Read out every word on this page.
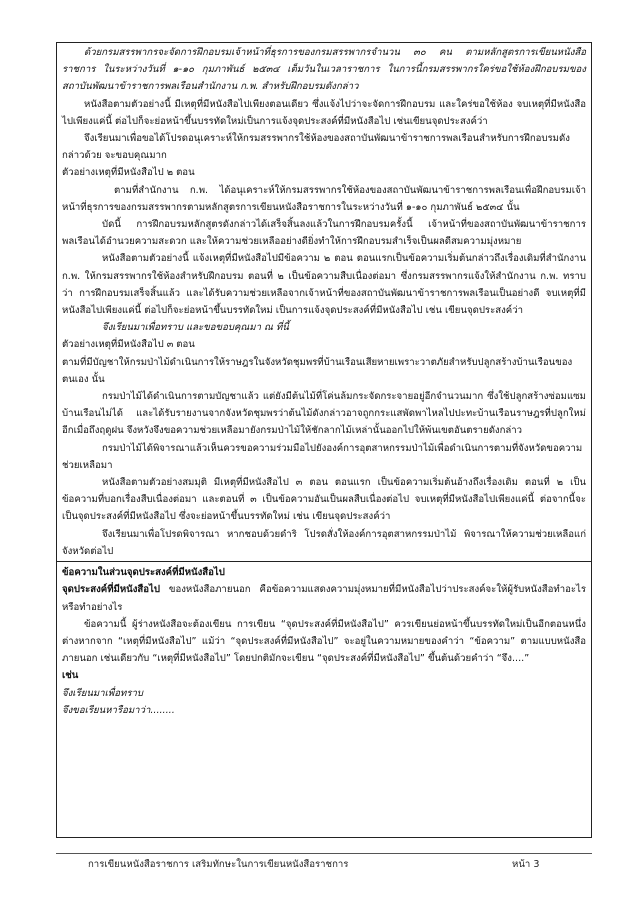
ด้วยกรมสรรพากรจะจัดการฝึกอบรมเจ้าหน้าที่ธุรการของกรมสรรพากรจำนวน ๓๐ คน ตามหลักสูตรการเขียนหนังสือราชการ ในระหว่างวันที่ ๑-๑๐ กุมภาพันธ์ ๒๕๓๔ เต็มวันในเวลาราชการ ในการนี้กรมสรรพากรใคร่ขอใช้ห้องฝึกอบรมของสถาบันพัฒนาข้าราชการพลเรือนสำนักงาน ก.พ. สำหรับฝึกอบรมดังกล่าว

หนังสือตามตัวอย่างนี้ มีเหตุที่มีหนังสือไปเพียงตอนเดียว ซึ่งแจ้งไปว่าจะจัดการฝึกอบรม และใคร่ขอใช้ห้อง จบเหตุที่มีหนังสือไปเพียงแค่นี้ ต่อไปก็จะย่อหน้าขึ้นบรรทัดใหม่เป็นการแจ้งจุดประสงค์ที่มีหนังสือไป เช่นเขียนจุดประสงค์ว่า

จึงเรียนมาเพื่อขอได้โปรดอนุเคราะห์ให้กรมสรรพากรใช้ห้องของสถาบันพัฒนาข้าราชการพลเรือนสำหรับการฝึกอบรมดังกล่าวด้วย จะขอบคุณมาก

ตัวอย่างเหตุที่มีหนังสือไป ๒ ตอน

ตามที่สำนักงาน ก.พ. ได้อนุเคราะห์ให้กรมสรรพากรใช้ห้องของสถาบันพัฒนาข้าราชการพลเรือนเพื่อฝึกอบรมเจ้าหน้าที่ธุรการของกรมสรรพากรตามหลักสูตรการเขียนหนังสือราชการในระหว่างวันที่ ๑-๑๐ กุมภาพันธ์ ๒๕๓๔ นั้น

บัดนี้ การฝึกอบรมหลักสูตรดังกล่าวได้เสร็จสิ้นลงแล้วในการฝึกอบรมครั้งนี้ เจ้าหน้าที่ของสถาบันพัฒนาข้าราชการพลเรือนได้อำนวยความสะดวก และให้ความช่วยเหลืออย่างดียิ่งทำให้การฝึกอบรมสำเร็จเป็นผลดีสมความมุ่งหมาย

หนังสือตามตัวอย่างนี้ แจ้งเหตุที่มีหนังสือไปมีข้อความ ๒ ตอน ตอนแรกเป็นข้อความเริ่มต้นกล่าวถึงเรื่องเดิมที่สำนักงาน ก.พ. ให้กรมสรรพากรใช้ห้องสำหรับฝึกอบรม ตอนที่ ๒ เป็นข้อความสืบเนื่องต่อมา ซึ่งกรมสรรพากรแจ้งให้สำนักงาน ก.พ. ทราบว่า การฝึกอบรมเสร็จสิ้นแล้ว และได้รับความช่วยเหลือจากเจ้าหน้าที่ของสถาบันพัฒนาข้าราชการพลเรือนเป็นอย่างดี จบเหตุที่มีหนังสือไปเพียงแค่นี้ ต่อไปก็จะย่อหน้าขึ้นบรรทัดใหม่ เป็นการแจ้งจุดประสงค์ที่มีหนังสือไป เช่น เขียนจุดประสงค์ว่า

จึงเรียนมาเพื่อทราบ และขอขอบคุณมา ณ ที่นี้

ตัวอย่างเหตุที่มีหนังสือไป ๓ ตอน

ตามที่มีบัญชาให้กรมป่าไม้ดำเนินการให้ราษฎรในจังหวัดชุมพรที่บ้านเรือนเสียหายเพราะวาตภัยสำหรับปลูกสร้างบ้านเรือนของตนเอง นั้น

กรมป่าไม้ได้ดำเนินการตามบัญชาแล้ว แต่ยังมีต้นไม้ที่โค่นล้มกระจัดกระจายอยู่อีกจำนวนมาก ซึ่งใช้ปลูกสร้างซ่อมแซมบ้านเรือนไม่ได้ และได้รับรายงานจากจังหวัดชุมพรว่าต้นไม้ดังกล่าวอาจถูกกระแสพัดพาไหลไปปะทะบ้านเรือนราษฎรที่ปลูกใหม่อีกเมื่อถึงฤดูฝน จึงหวังจึงขอความช่วยเหลือมายังกรมป่าไม้ให้ชักลากไม้เหล่านั้นออกไปให้พ้นเขตอันตรายดังกล่าว

กรมป่าไม้ได้พิจารณาแล้วเห็นควรขอความร่วมมือไปยังองค์การอุตสาหกรรมป่าไม้เพื่อดำเนินการตามที่จังหวัดขอความช่วยเหลือมา

หนังสือตามตัวอย่างสมมุติ มีเหตุที่มีหนังสือไป ๓ ตอน ตอนแรก เป็นข้อความเริ่มต้นอ้างถึงเรื่องเดิม ตอนที่ ๒ เป็นข้อความที่บอกเรื่องสืบเนื่องต่อมา และตอนที่ ๓ เป็นข้อความอันเป็นผลสืบเนื่องต่อไป จบเหตุที่มีหนังสือไปเพียงแค่นี้ ต่อจากนี้จะเป็นจุดประสงค์ที่มีหนังสือไป ซึ่งจะย่อหน้าขึ้นบรรทัดใหม่ เช่น เขียนจุดประสงค์ว่า

จึงเรียนมาเพื่อโปรดพิจารณา หากชอบด้วยดำริ โปรดสั่งให้องค์การอุตสาหกรรมป่าไม้ พิจารณาให้ความช่วยเหลือแก่จังหวัดต่อไป

ข้อความในส่วนจุดประสงค์ที่มีหนังสือไป

จุดประสงค์ที่มีหนังสือไป ของหนังสือภายนอก คือข้อความแสดงความมุ่งหมายที่มีหนังสือไปว่าประสงค์จะให้ผู้รับหนังสือทำอะไร หรือทำอย่างไร

ข้อความนี้ ผู้ร่างหนังสือจะต้องเขียน การเขียน “จุดประสงค์ที่มีหนังสือไป” ควรเขียนย่อหน้าขึ้นบรรทัดใหม่เป็นอีกตอนหนึ่งต่างหากจาก “เหตุที่มีหนังสือไป” แม้ว่า “จุดประสงค์ที่มีหนังสือไป” จะอยู่ในความหมายของคำว่า “ข้อความ” ตามแบบหนังสือภายนอก เช่นเดียวกับ “เหตุที่มีหนังสือไป” โดยปกติมักจะเขียน “จุดประสงค์ที่มีหนังสือไป” ขึ้นต้นด้วยคำว่า “จึง....”

เช่น

จึงเรียนมาเพื่อทราบ

จึงขอเรียนหารือมาว่า........

การเขียนหนังสือราชการ เสริมทักษะในการเขียนหนังสือราชการ	หน้า 3
